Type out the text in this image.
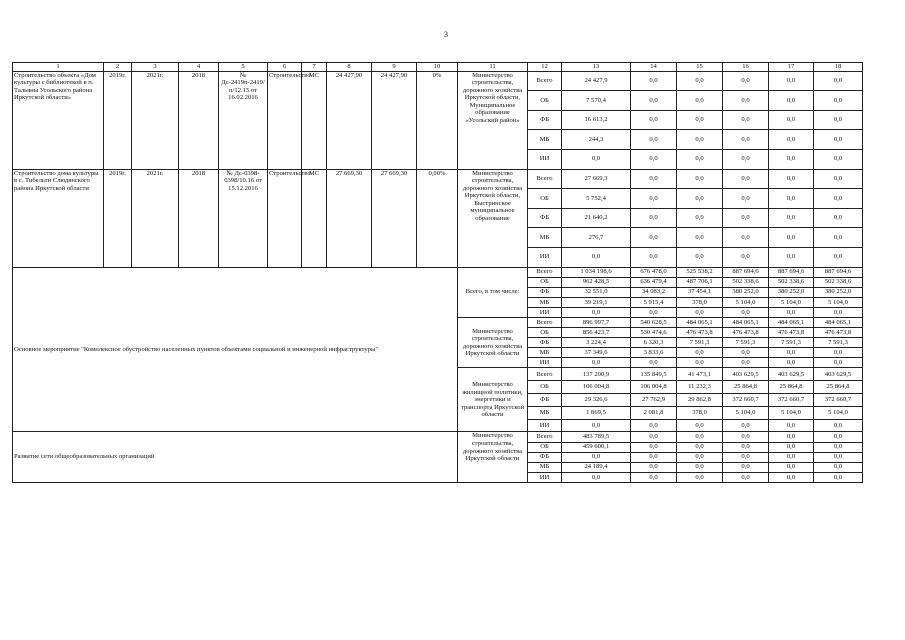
3
1	2	3	4	5	6	7	8	9	10	11	12	13	14	15	16	17	18
Строительство объекта «Дом культуры с библиотекой в п. Тальяны Усольского района Иркутской области»	2019г.	2021г.	2018	№ Дс-2419п-2419/п/12.15 от 16.02.2016	Строительство	МС	24 427,90	24 427,90	0%	Министерство строительства, дорожного хозяйства Иркутской области, Муниципальное образование «Усольский район»	Всего	24 427,9	0,0	0,0	0,0	0,0	0,0
											ОБ	7 570,4	0,0	0,0	0,0	0,0	0,0
											ФБ	16 613,2	0,0	0,0	0,0	0,0	0,0
											МБ	244,3	0,0	0,0	0,0	0,0	0,0
											ИИ	0,0	0,0	0,0	0,0	0,0	0,0
Строительство дома культуры в с. Тибельти Слюдянского района Иркутской области	2019г.	2021г.	2018	№ Дс-0398-0398/10.16 от 15.12.2016	Строительство	МС	27 669,30	27 669,30	0,00%	Министерство строительства, дорожного хозяйства Иркутской области, Быстринское муниципальное образование	Всего	27 669,3	0,0	0,0	0,0	0,0	0,0
											ОБ	5 752,4	0,0	0,0	0,0	0,0	0,0
											ФБ	21 640,2	0,0	0,0	0,0	0,0	0,0
											МБ	276,7	0,0	0,0	0,0	0,0	0,0
											ИИ	0,0	0,0	0,0	0,0	0,0	0,0
Основное мероприятие "Комплексное обустройство населенных пунктов объектами социальной и инженерной инфраструктуры"										Всего, в том числе:	Всего	1 034 198,6	676 478,0	525 538,2	887 694,6	887 694,6	887 694,6
											ОБ	962 428,5	636 479,4	487 706,1	502 338,6	502 338,6	502 338,6
											ФБ	32 551,0	34 083,2	37 454,1	380 252,0	380 252,0	380 252,0
											МБ	39 219,1	5 915,4	378,0	5 104,0	5 104,0	5 104,0
											ИИ	0,0	0,0	0,0	0,0	0,0	0,0
										Министерство строительства, дорожного хозяйства Иркутской области	Всего	896 997,7	540 628,5	484 065,1	484 065,1	484 065,1	484 065,1
											ОБ	856 423,7	530 474,6	476 473,8	476 473,8	476 473,8	476 473,8
											ФБ	3 224,4	6 320,3	7 591,3	7 591,3	7 591,3	7 591,3
											МБ	37 349,6	3 833,6	0,0	0,0	0,0	0,0
											ИИ	0,0	0,0	0,0	0,0	0,0	0,0
										Министерство жилищной политики, энергетики и транспорта Иркутской области	Всего	137 200,9	135 849,5	41 473,1	403 629,5	403 629,5	403 629,5
											ОБ	106 004,8	106 004,8	11 232,3	25 864,8	25 864,8	25 864,8
											ФБ	29 326,6	27 762,9	29 862,8	372 660,7	372 660,7	372 660,7
											МБ	1 869,5	2 081,8	378,0	5 104,0	5 104,0	5 104,0
											ИИ	0,0	0,0	0,0	0,0	0,0	0,0
Развитие сети общеобразовательных организаций										Министерство строительства, дорожного хозяйства Иркутской области	Всего	483 789,5	0,0	0,0	0,0	0,0	0,0
											ОБ	459 600,1	0,0	0,0	0,0	0,0	0,0
											ФБ	0,0	0,0	0,0	0,0	0,0	0,0
											МБ	24 189,4	0,0	0,0	0,0	0,0	0,0
											ИИ	0,0	0,0	0,0	0,0	0,0	0,0
